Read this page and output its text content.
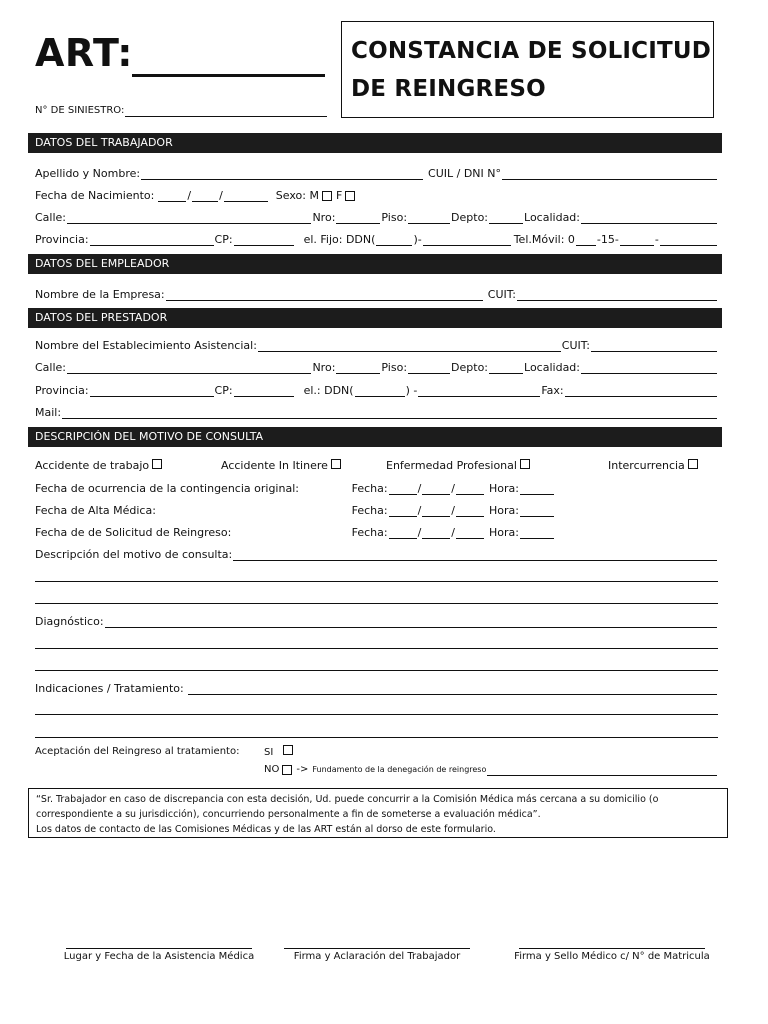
ART:
N° DE SINIESTRO:
CONSTANCIA DE SOLICITUD
DE REINGRESO
DATOS DEL TRABAJADOR
Apellido y Nombre:	CUIL / DNI N°
Fecha de Nacimiento:	/	/	Sexo: M F
Calle:	Nro:	Piso:	Depto:	Localidad:
Provincia:	CP:	el. Fijo: DDN(	)-	Tel.Móvil: 0 -15-	-
DATOS DEL EMPLEADOR
Nombre de la Empresa:	CUIT:
DATOS DEL PRESTADOR
Nombre del Establecimiento Asistencial:	CUIT:
Calle:	Nro:	Piso:	Depto:	Localidad:
Provincia:	CP:	el.: DDN(	) -	Fax:
Mail:
DESCRIPCIÓN DEL MOTIVO DE CONSULTA
Accidente de trabajo	Accidente In Itinere	Enfermedad Profesional	Intercurrencia
Fecha de ocurrencia de la contingencia original:	Fecha:	/	/	Hora:
Fecha de Alta Médica:	Fecha:	/	/	Hora:
Fecha de de Solicitud de Reingreso:	Fecha:	/	/	Hora:
Descripción del motivo de consulta:
Diagnóstico:
Indicaciones / Tratamiento:
Aceptación del Reingreso al tratamiento: SI
NO -> Fundamento de la denegación de reingreso
“Sr. Trabajador en caso de discrepancia con esta decisión, Ud. puede concurrir a la Comisión Médica más cercana a su domicilio (o
correspondiente a su jurisdicción), concurriendo personalmente a fin de someterse a evaluación médica”.
Los datos de contacto de las Comisiones Médicas y de las ART están al dorso de este formulario.
Lugar y Fecha de la Asistencia Médica	Firma y Aclaración del Trabajador	Firma y Sello Médico c/ N° de Matricula
